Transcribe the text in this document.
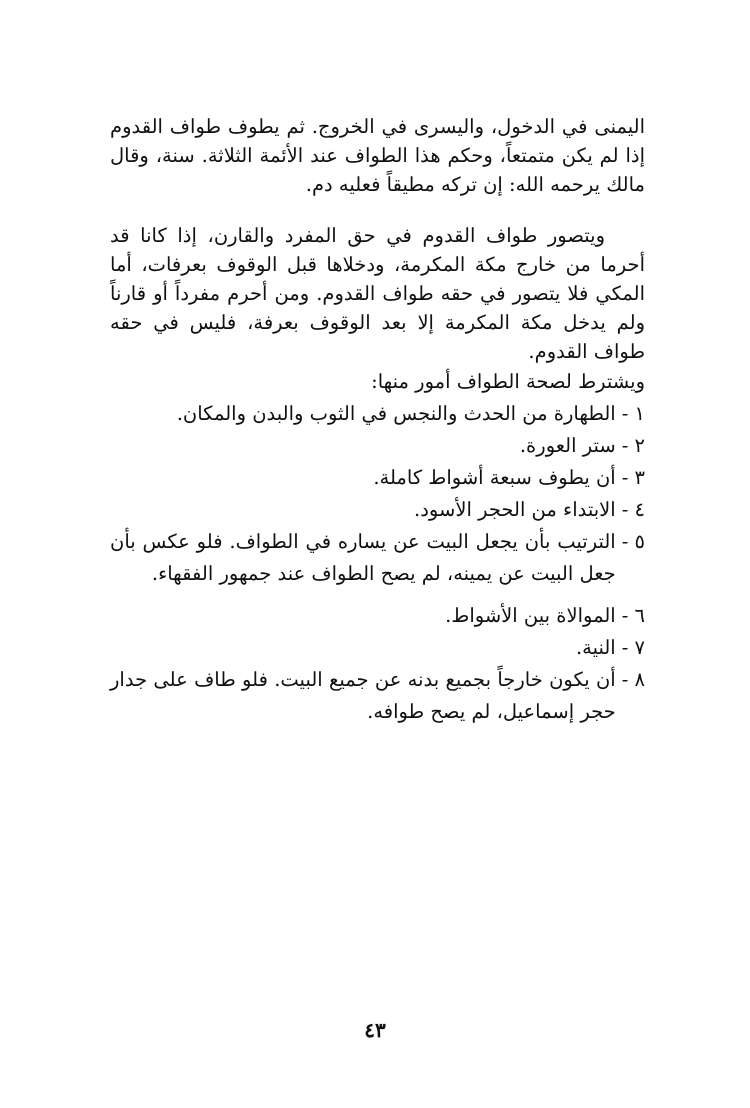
اليمنى في الدخول، واليسرى في الخروج. ثم يطوف طواف القدوم إذا لم يكن متمتعاً، وحكم هذا الطواف عند الأئمة الثلاثة. سنة، وقال مالك يرحمه الله: إن تركه مطيقاً فعليه دم.

ويتصور طواف القدوم في حق المفرد والقارن، إذا كانا قد أحرما من خارج مكة المكرمة، ودخلاها قبل الوقوف بعرفات، أما المكي فلا يتصور في حقه طواف القدوم. ومن أحرم مفرداً أو قارناً ولم يدخل مكة المكرمة إلا بعد الوقوف بعرفة، فليس في حقه طواف القدوم.

ويشترط لصحة الطواف أمور منها:

١ -
الطهارة من الحدث والنجس في الثوب والبدن والمكان.
٢ -
ستر العورة.
٣ -
أن يطوف سبعة أشواط كاملة.
٤ -
الابتداء من الحجر الأسود.
٥ -
الترتيب بأن يجعل البيت عن يساره في الطواف. فلو عكس بأن جعل البيت عن يمينه، لم يصح الطواف عند جمهور الفقهاء.
٦ -
الموالاة بين الأشواط.
٧ -
النية.
٨ -
أن يكون خارجاً بجميع بدنه عن جميع البيت. فلو طاف على جدار حجر إسماعيل، لم يصح طوافه.
٤٣
